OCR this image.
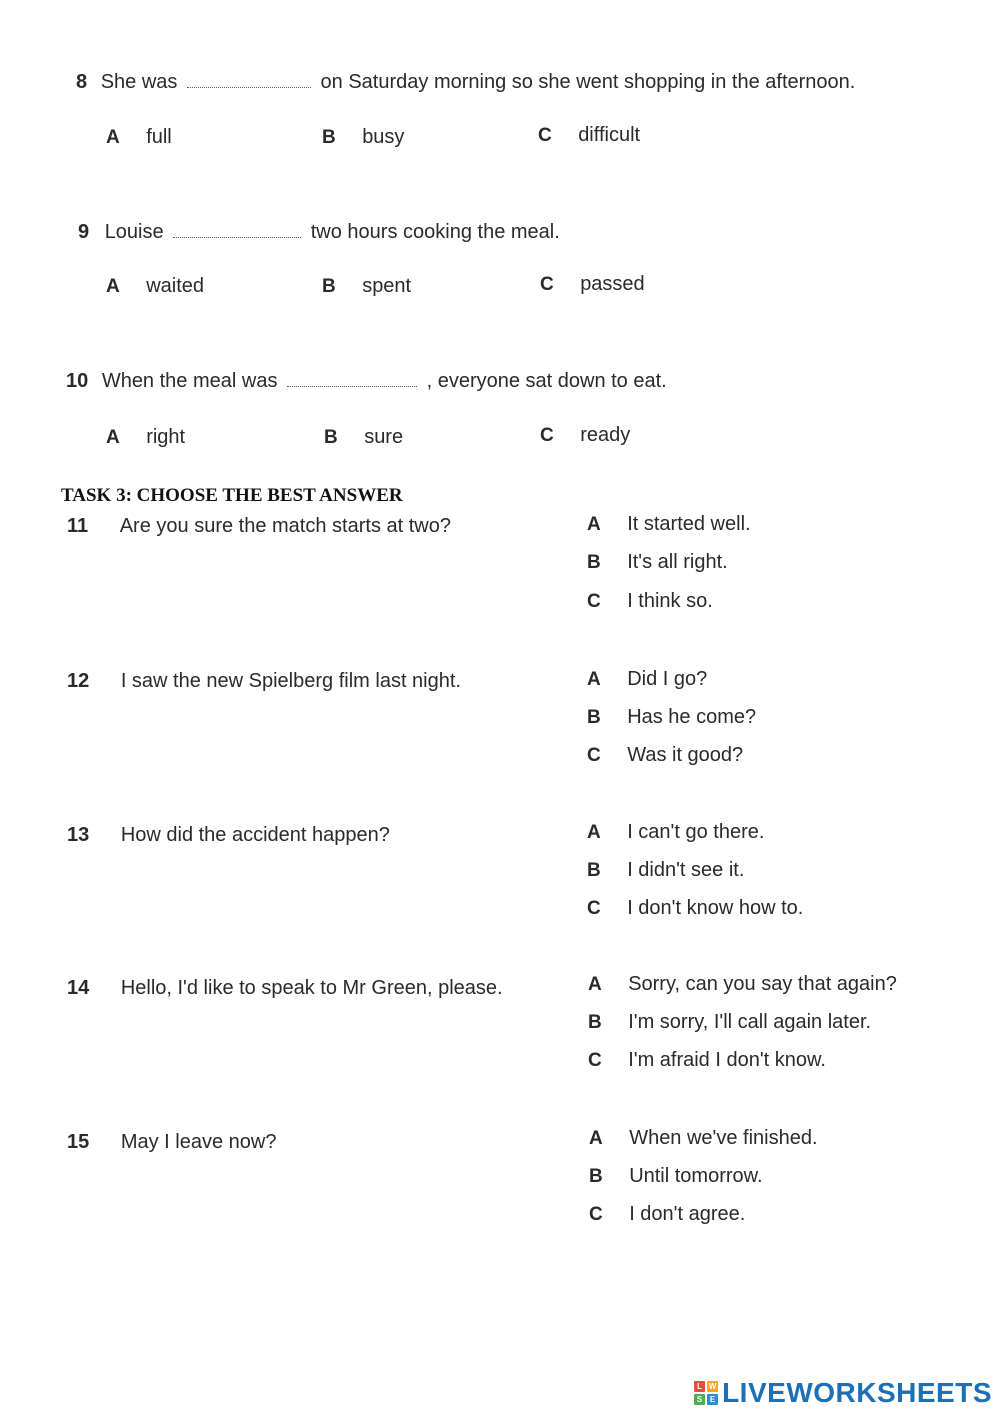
8 She was	on Saturday morning so she went shopping in the afternoon.
A full	B busy	C difficult
9 Louise	two hours cooking the meal.
A waited	B spent	C passed
10 When the meal was	, everyone sat down to eat.
A right	B sure	C ready
TASK 3: CHOOSE THE BEST ANSWER
11 Are you sure the match starts at two?	A It started well.
B It's all right.
C I think so.
12 I saw the new Spielberg film last night.	A Did I go?
B Has he come?
C Was it good?
13 How did the accident happen?	A I can't go there.
B I didn't see it.
C I don't know how to.
14 Hello, I'd like to speak to Mr Green, please.	A Sorry, can you say that again?
B I'm sorry, I'll call again later.
C I'm afraid I don't know.
15 May I leave now?	A When we've finished.
B Until tomorrow.
C I don't agree.
L W
S E LIVEWORKSHEETS
